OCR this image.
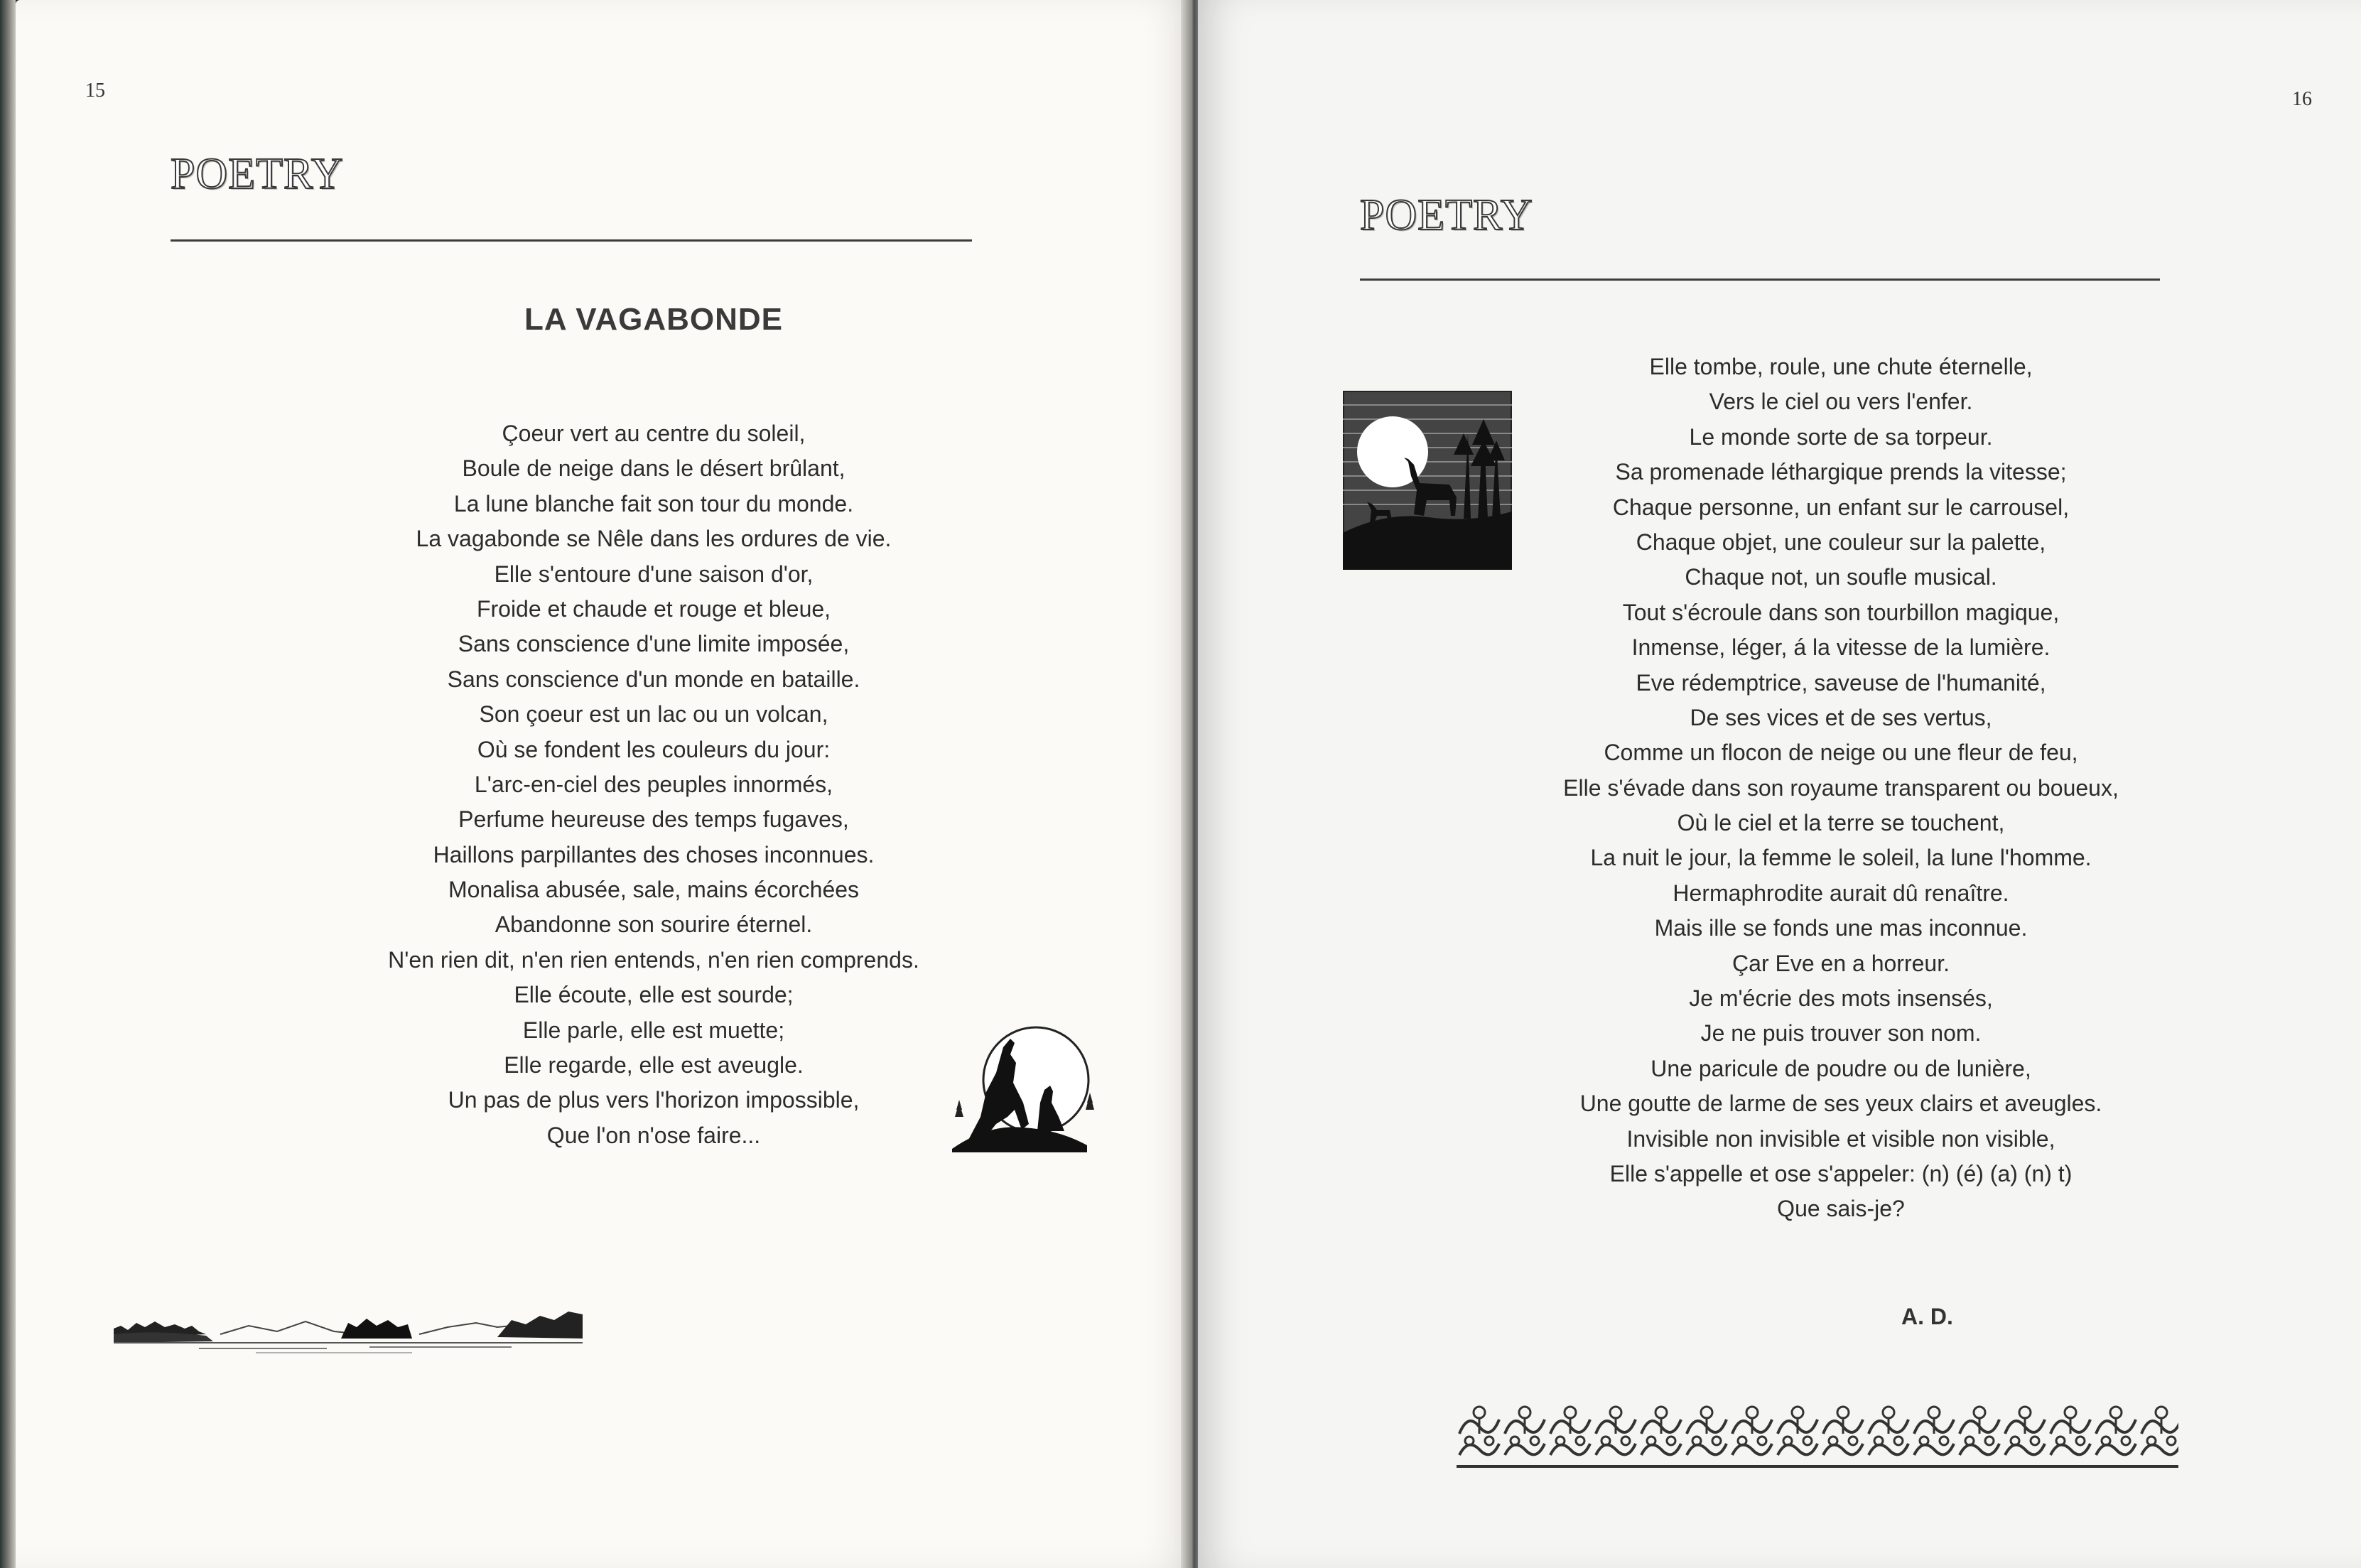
15
POETRY
LA VAGABONDE
Çoeur vert au centre du soleil,
Boule de neige dans le désert brûlant,
La lune blanche fait son tour du monde.
La vagabonde se Nêle dans les ordures de vie.
Elle s'entoure d'une saison d'or,
Froide et chaude et rouge et bleue,
Sans conscience d'une limite imposée,
Sans conscience d'un monde en bataille.
Son çoeur est un lac ou un volcan,
Où se fondent les couleurs du jour:
L'arc-en-ciel des peuples innormés,
Perfume heureuse des temps fugaves,
Haillons parpillantes des choses inconnues.
Monalisa abusée, sale, mains écorchées
Abandonne son sourire éternel.
N'en rien dit, n'en rien entends, n'en rien comprends.
Elle écoute, elle est sourde;
Elle parle, elle est muette;
Elle regarde, elle est aveugle.
Un pas de plus vers l'horizon impossible,
Que l'on n'ose faire...
16
POETRY
Elle tombe, roule, une chute éternelle,
Vers le ciel ou vers l'enfer.
Le monde sorte de sa torpeur.
Sa promenade léthargique prends la vitesse;
Chaque personne, un enfant sur le carrousel,
Chaque objet, une couleur sur la palette,
Chaque not, un soufle musical.
Tout s'écroule dans son tourbillon magique,
Inmense, léger, á la vitesse de la lumière.
Eve rédemptrice, saveuse de l'humanité,
De ses vices et de ses vertus,
Comme un flocon de neige ou une fleur de feu,
Elle s'évade dans son royaume transparent ou boueux,
Où le ciel et la terre se touchent,
La nuit le jour, la femme le soleil, la lune l'homme.
Hermaphrodite aurait dû renaître.
Mais ille se fonds une mas inconnue.
Çar Eve en a horreur.
Je m'écrie des mots insensés,
Je ne puis trouver son nom.
Une paricule de poudre ou de lunière,
Une goutte de larme de ses yeux clairs et aveugles.
Invisible non invisible et visible non visible,
Elle s'appelle et ose s'appeler: (n) (é) (a) (n) t)
Que sais-je?
A. D.
